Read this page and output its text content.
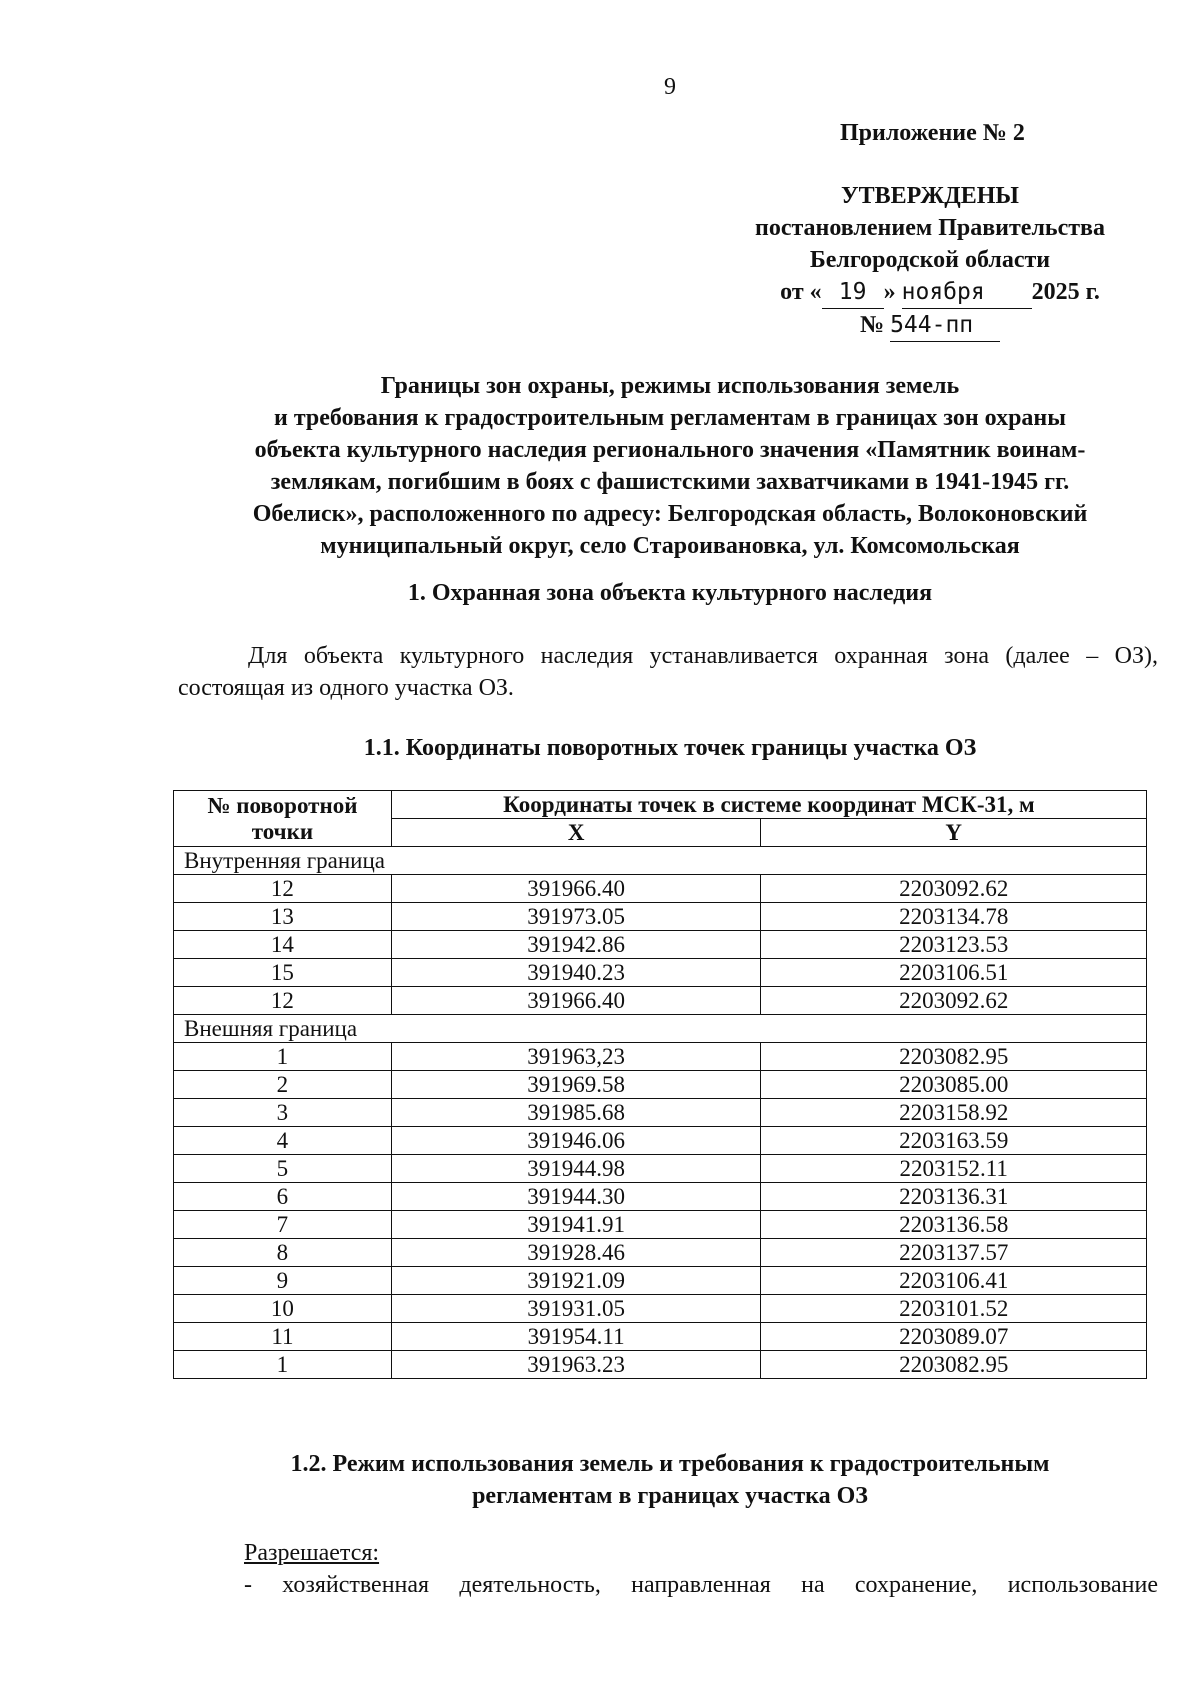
9
Приложение № 2
УТВЕРЖДЕНЫ
постановлением Правительства
Белгородской области
от « 19 » ноября 2025 г.
№ 544-пп
Границы зон охраны, режимы использования земель
и требования к градостроительным регламентам в границах зон охраны
объекта культурного наследия регионального значения «Памятник воинам-
землякам, погибшим в боях с фашистскими захватчиками в 1941-1945 гг.
Обелиск», расположенного по адресу: Белгородская область, Волоконовский
муниципальный округ, село Староивановка, ул. Комсомольская
1. Охранная зона объекта культурного наследия
Для объекта культурного наследия устанавливается охранная зона (далее – ОЗ), состоящая из одного участка ОЗ.
1.1. Координаты поворотных точек границы участка ОЗ
№ поворотной точки	Координаты точек в системе координат МСК-31, м	
	X	Y
Внутренняя граница		
12	391966.40	2203092.62
13	391973.05	2203134.78
14	391942.86	2203123.53
15	391940.23	2203106.51
12	391966.40	2203092.62
Внешняя граница		
1	391963,23	2203082.95
2	391969.58	2203085.00
3	391985.68	2203158.92
4	391946.06	2203163.59
5	391944.98	2203152.11
6	391944.30	2203136.31
7	391941.91	2203136.58
8	391928.46	2203137.57
9	391921.09	2203106.41
10	391931.05	2203101.52
11	391954.11	2203089.07
1	391963.23	2203082.95
1.2. Режим использования земель и требования к градостроительным
регламентам в границах участка ОЗ
Разрешается:
- хозяйственная деятельность, направленная на сохранение, использование
